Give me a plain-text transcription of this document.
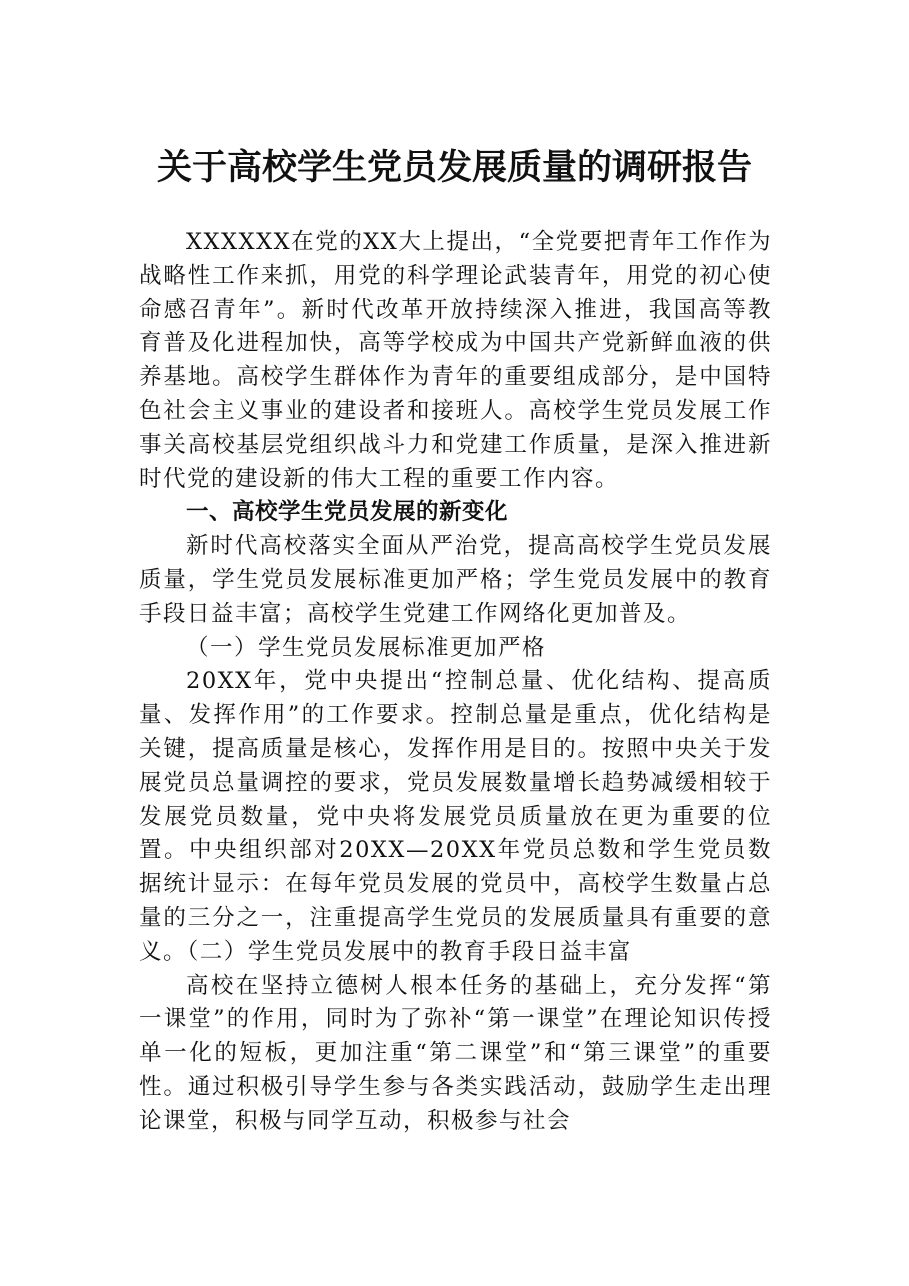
关于高校学生党员发展质量的调研报告

XXXXXX在党的XX大上提出，“全党要把青年工作作为战略性工作来抓，用党的科学理论武装青年，用党的初心使命感召青年”。新时代改革开放持续深入推进，我国高等教育普及化进程加快，高等学校成为中国共产党新鲜血液的供养基地。高校学生群体作为青年的重要组成部分，是中国特色社会主义事业的建设者和接班人。高校学生党员发展工作事关高校基层党组织战斗力和党建工作质量，是深入推进新时代党的建设新的伟大工程的重要工作内容。

一、高校学生党员发展的新变化

新时代高校落实全面从严治党，提高高校学生党员发展质量，学生党员发展标准更加严格；学生党员发展中的教育手段日益丰富；高校学生党建工作网络化更加普及。

（一）学生党员发展标准更加严格

20XX年，党中央提出“控制总量、优化结构、提高质量、发挥作用”的工作要求。控制总量是重点，优化结构是关键，提高质量是核心，发挥作用是目的。按照中央关于发展党员总量调控的要求，党员发展数量增长趋势减缓相较于发展党员数量，党中央将发展党员质量放在更为重要的位置。中央组织部对20XX—20XX年党员总数和学生党员数据统计显示：在每年党员发展的党员中，高校学生数量占总量的三分之一，注重提高学生党员的发展质量具有重要的意义。（二）学生党员发展中的教育手段日益丰富

高校在坚持立德树人根本任务的基础上，充分发挥“第一课堂”的作用，同时为了弥补“第一课堂”在理论知识传授单一化的短板，更加注重“第二课堂”和“第三课堂”的重要性。通过积极引导学生参与各类实践活动，鼓励学生走出理论课堂，积极与同学互动，积极参与社会
